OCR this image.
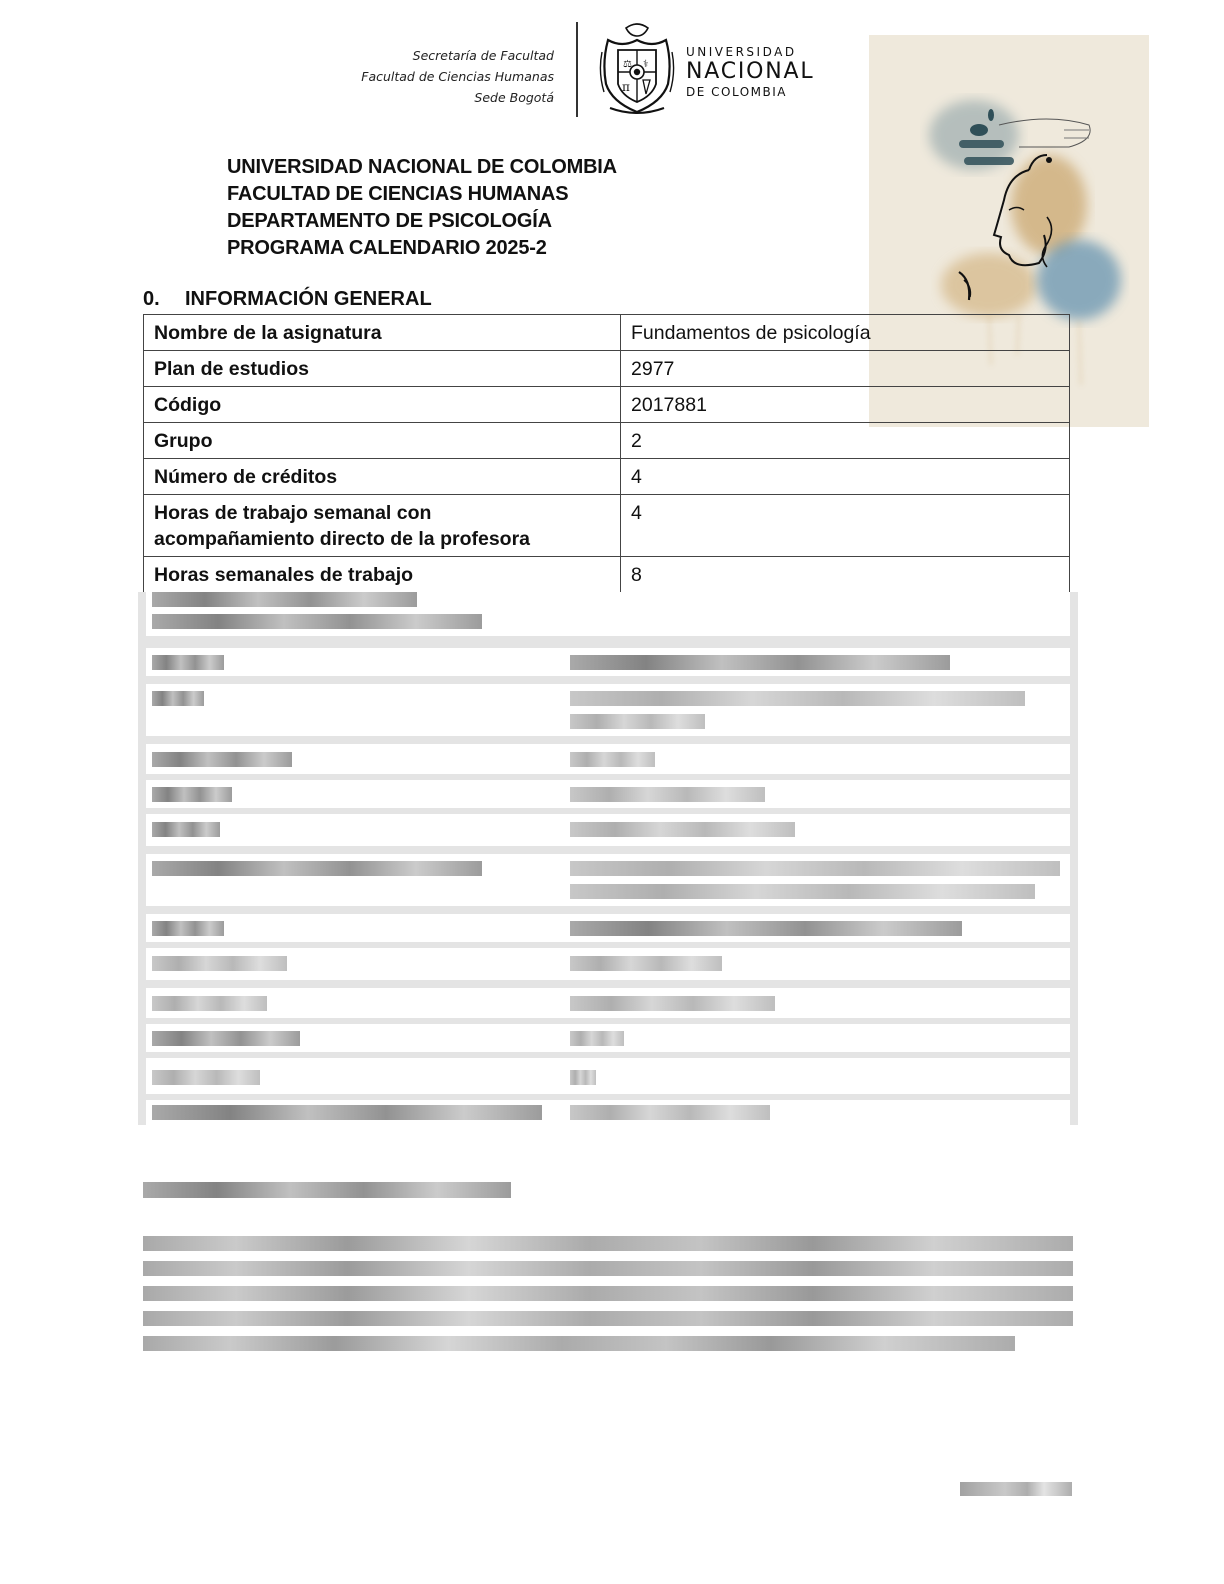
Secretaría de Facultad
Facultad de Ciencias Humanas
Sede Bogotá
⚖ ⚕
π
UNIVERSIDAD
NACIONAL
DE COLOMBIA
UNIVERSIDAD NACIONAL DE COLOMBIA
FACULTAD DE CIENCIAS HUMANAS
DEPARTAMENTO DE PSICOLOGÍA
PROGRAMA CALENDARIO 2025-2
0. INFORMACIÓN GENERAL
Nombre de la asignatura	Fundamentos de psicología
Plan de estudios	2977
Código	2017881
Grupo	2
Número de créditos	4
Horas de trabajo semanal con acompañamiento directo de la profesora	4
Horas semanales de trabajo	8
